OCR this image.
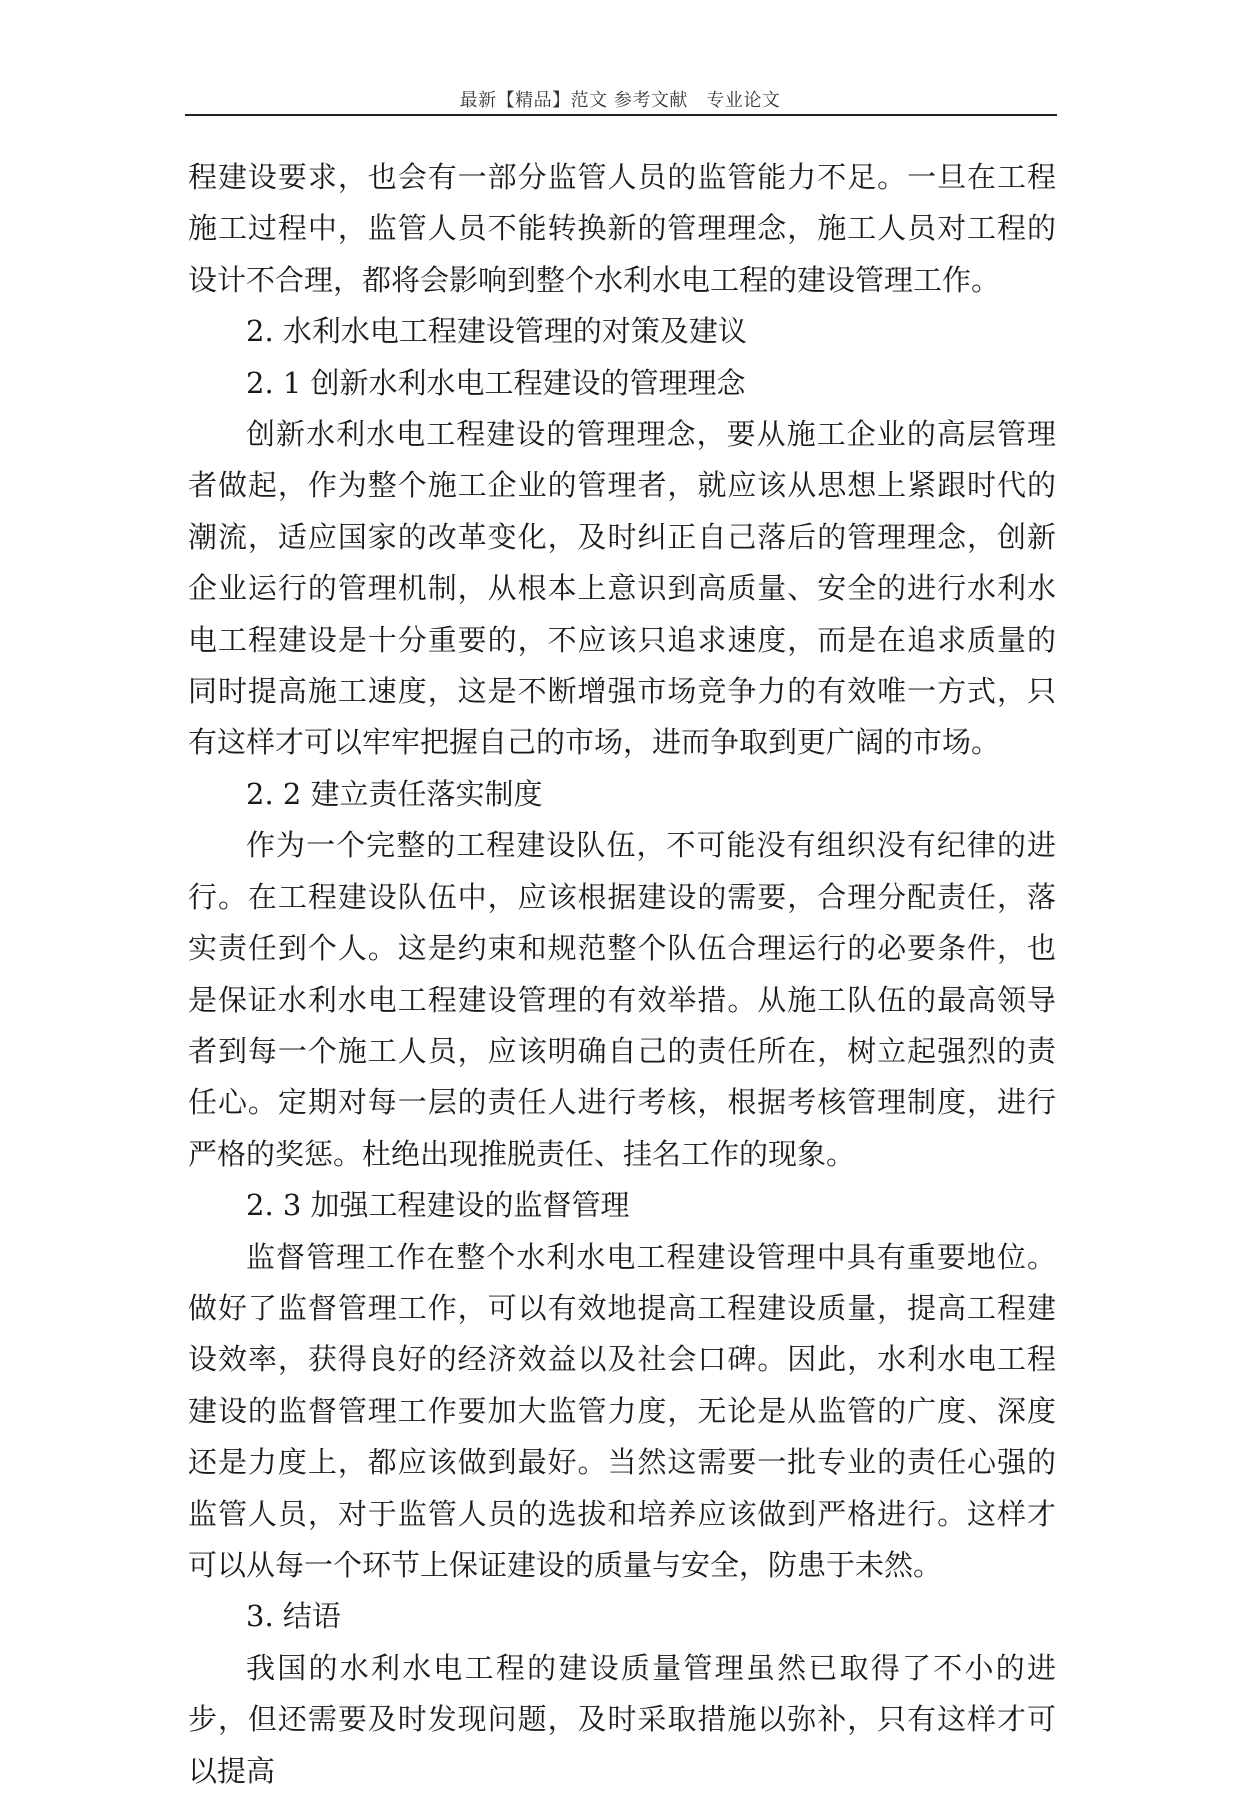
最新【精品】范文 参考文献　专业论文

程建设要求，也会有一部分监管人员的监管能力不足。一旦在工程施工过程中，监管人员不能转换新的管理理念，施工人员对工程的设计不合理，都将会影响到整个水利水电工程的建设管理工作。

2. 水利水电工程建设管理的对策及建议

2. 1 创新水利水电工程建设的管理理念

创新水利水电工程建设的管理理念，要从施工企业的高层管理者做起，作为整个施工企业的管理者，就应该从思想上紧跟时代的潮流，适应国家的改革变化，及时纠正自己落后的管理理念，创新企业运行的管理机制，从根本上意识到高质量、安全的进行水利水电工程建设是十分重要的，不应该只追求速度，而是在追求质量的同时提高施工速度，这是不断增强市场竞争力的有效唯一方式，只有这样才可以牢牢把握自己的市场，进而争取到更广阔的市场。

2. 2 建立责任落实制度

作为一个完整的工程建设队伍，不可能没有组织没有纪律的进行。在工程建设队伍中，应该根据建设的需要，合理分配责任，落实责任到个人。这是约束和规范整个队伍合理运行的必要条件，也是保证水利水电工程建设管理的有效举措。从施工队伍的最高领导者到每一个施工人员，应该明确自己的责任所在，树立起强烈的责任心。定期对每一层的责任人进行考核，根据考核管理制度，进行严格的奖惩。杜绝出现推脱责任、挂名工作的现象。

2. 3 加强工程建设的监督管理

监督管理工作在整个水利水电工程建设管理中具有重要地位。做好了监督管理工作，可以有效地提高工程建设质量，提高工程建设效率，获得良好的经济效益以及社会口碑。因此，水利水电工程建设的监督管理工作要加大监管力度，无论是从监管的广度、深度还是力度上，都应该做到最好。当然这需要一批专业的责任心强的监管人员，对于监管人员的选拔和培养应该做到严格进行。这样才可以从每一个环节上保证建设的质量与安全，防患于未然。

3. 结语

我国的水利水电工程的建设质量管理虽然已取得了不小的进步，但还需要及时发现问题，及时采取措施以弥补，只有这样才可以提高
